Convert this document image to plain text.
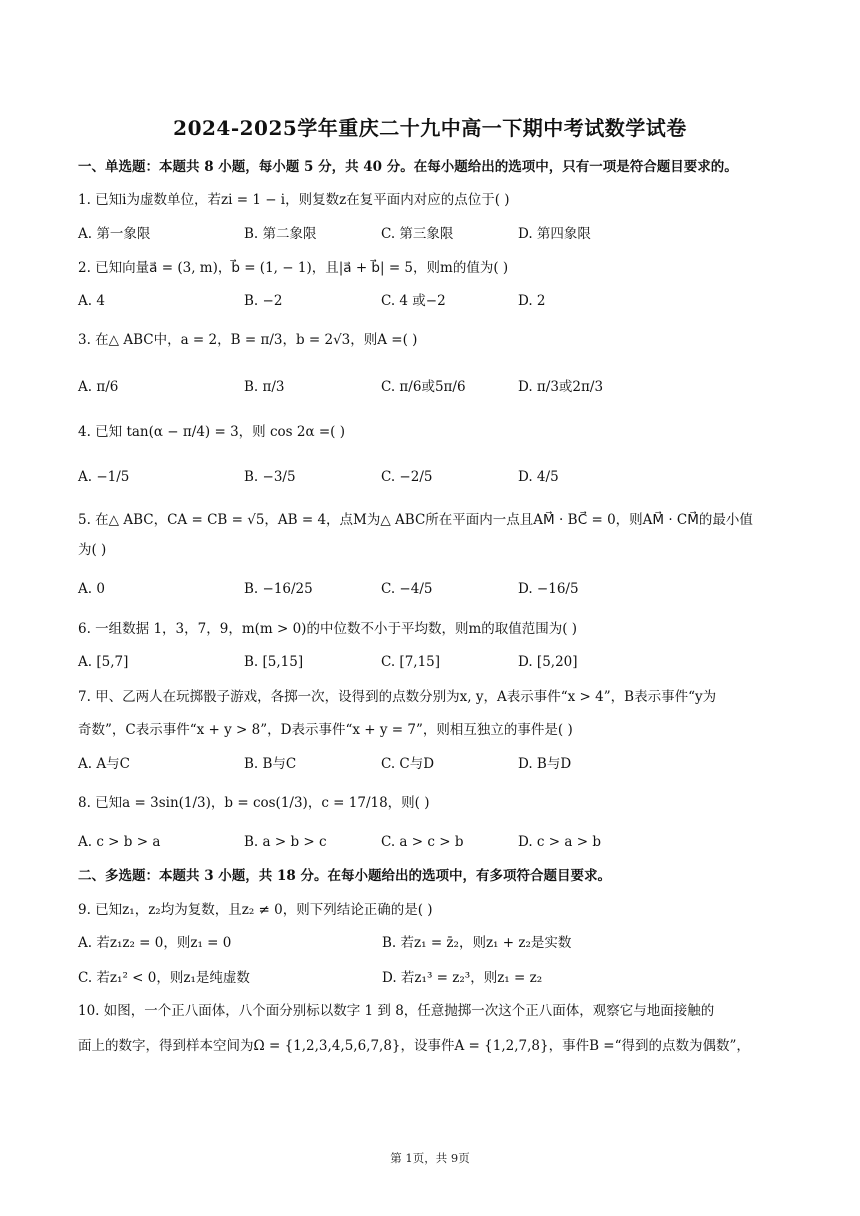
2024-2025学年重庆二十九中高一下期中考试数学试卷
一、单选题：本题共 8 小题，每小题 5 分，共 40 分。在每小题给出的选项中，只有一项是符合题目要求的。
1. 已知i为虚数单位，若zi = 1 − i，则复数z在复平面内对应的点位于( )
A. 第一象限	B. 第二象限	C. 第三象限	D. 第四象限
2. 已知向量a⃗ = (3, m)，b⃗ = (1, − 1)，且|a⃗ + b⃗| = 5，则m的值为( )
A. 4	B. −2	C. 4 或−2	D. 2
3. 在△ ABC中，a = 2，B = π/3，b = 2√3，则A =( )
A. π/6	B. π/3	C. π/6或5π/6	D. π/3或2π/3
4. 已知 tan(α − π/4) = 3，则 cos 2α =( )
A. −1/5	B. −3/5	C. −2/5	D. 4/5
5. 在△ ABC，CA = CB = √5，AB = 4，点M为△ ABC所在平面内一点且AM⃗ · BC⃗ = 0，则AM⃗ · CM⃗的最小值
为( )
A. 0	B. −16/25	C. −4/5	D. −16/5
6. 一组数据 1，3，7，9，m(m > 0)的中位数不小于平均数，则m的取值范围为( )
A. [5,7]	B. [5,15]	C. [7,15]	D. [5,20]
7. 甲、乙两人在玩掷骰子游戏，各掷一次，设得到的点数分别为x, y，A表示事件“x > 4”，B表示事件“y为
奇数”，C表示事件“x + y > 8”，D表示事件“x + y = 7”，则相互独立的事件是( )
A. A与C	B. B与C	C. C与D	D. B与D
8. 已知a = 3sin(1/3)，b = cos(1/3)，c = 17/18，则( )
A. c > b > a	B. a > b > c	C. a > c > b	D. c > a > b
二、多选题：本题共 3 小题，共 18 分。在每小题给出的选项中，有多项符合题目要求。
9. 已知z₁，z₂均为复数，且z₂ ≠ 0，则下列结论正确的是( )
A. 若z₁z₂ = 0，则z₁ = 0	B. 若z₁ = z̄₂，则z₁ + z₂是实数
C. 若z₁² < 0，则z₁是纯虚数	D. 若z₁³ = z₂³，则z₁ = z₂
10. 如图，一个正八面体，八个面分别标以数字 1 到 8，任意抛掷一次这个正八面体，观察它与地面接触的
面上的数字，得到样本空间为Ω = {1,2,3,4,5,6,7,8}，设事件A = {1,2,7,8}，事件B =“得到的点数为偶数”，
第 1页，共 9页
